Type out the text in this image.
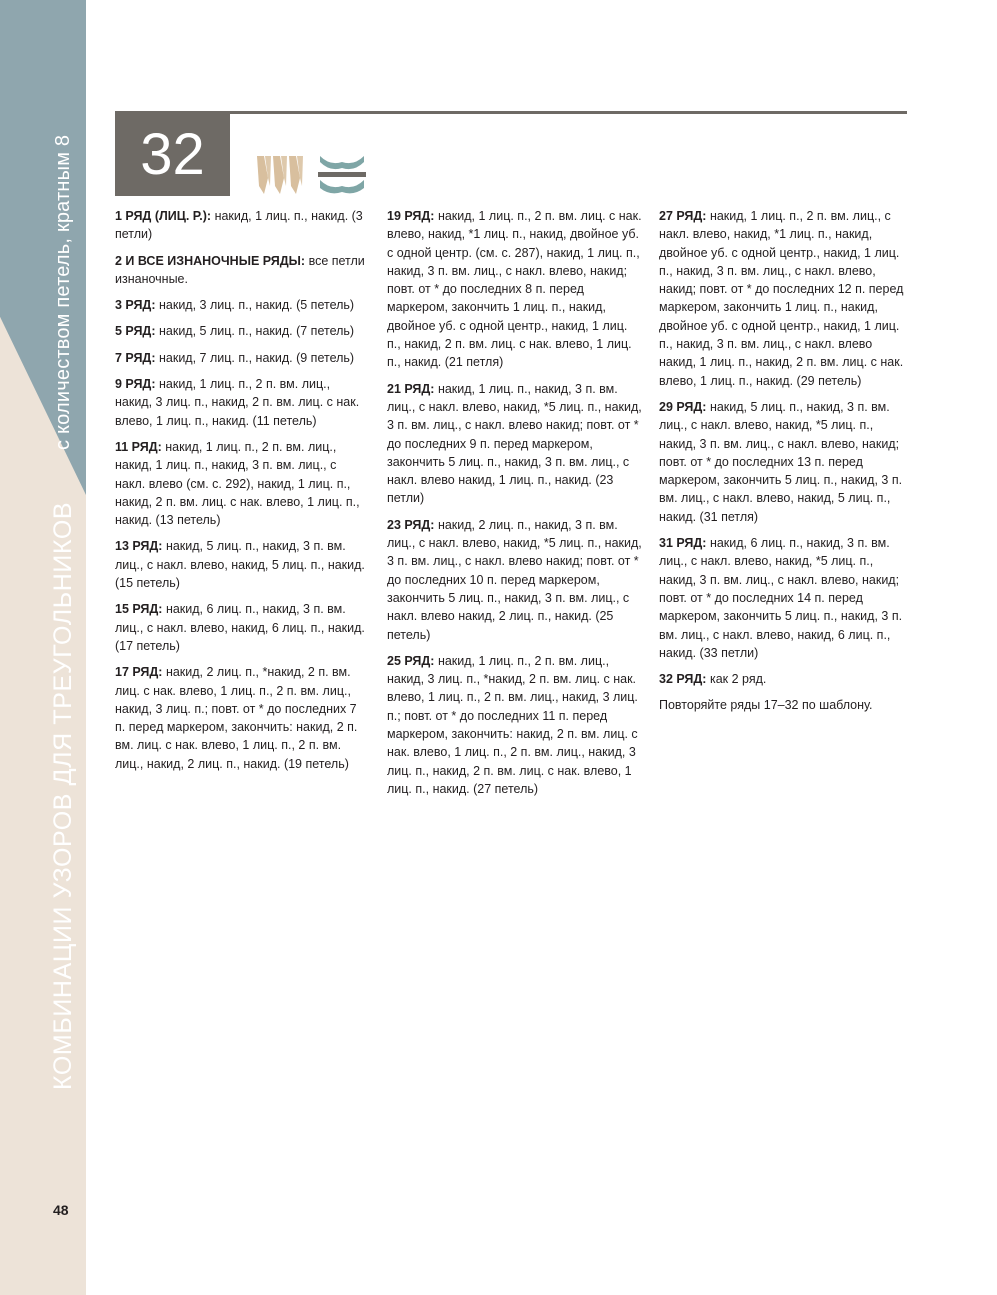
КОМБИНАЦИИ УЗОРОВ ДЛЯ ТРЕУГОЛЬНИКОВ
с количеством петель, кратным 8
48
32

1 РЯД (ЛИЦ. Р.): накид, 1 лиц. п., накид. (3 петли)

2 И ВСЕ ИЗНАНОЧНЫЕ РЯДЫ: все петли изнаночные.

3 РЯД: накид, 3 лиц. п., накид. (5 петель)

5 РЯД: накид, 5 лиц. п., накид. (7 петель)

7 РЯД: накид, 7 лиц. п., накид. (9 петель)

9 РЯД: накид, 1 лиц. п., 2 п. вм. лиц., накид, 3 лиц. п., накид, 2 п. вм. лиц. с нак. влево, 1 лиц. п., накид. (11 петель)

11 РЯД: накид, 1 лиц. п., 2 п. вм. лиц., накид, 1 лиц. п., накид, 3 п. вм. лиц., с накл. влево (см. с. 292), накид, 1 лиц. п., накид, 2 п. вм. лиц. с нак. влево, 1 лиц. п., накид. (13 петель)

13 РЯД: накид, 5 лиц. п., накид, 3 п. вм. лиц., с накл. влево, накид, 5 лиц. п., накид. (15 петель)

15 РЯД: накид, 6 лиц. п., накид, 3 п. вм. лиц., с накл. влево, накид, 6 лиц. п., накид. (17 петель)

17 РЯД: накид, 2 лиц. п., *накид, 2 п. вм. лиц. с нак. влево, 1 лиц. п., 2 п. вм. лиц., накид, 3 лиц. п.; повт. от * до последних 7 п. перед маркером, закончить: накид, 2 п. вм. лиц. с нак. влево, 1 лиц. п., 2 п. вм. лиц., накид, 2 лиц. п., накид. (19 петель)

19 РЯД: накид, 1 лиц. п., 2 п. вм. лиц. с нак. влево, накид, *1 лиц. п., накид, двойное уб. с одной центр. (см. с. 287), накид, 1 лиц. п., накид, 3 п. вм. лиц., с накл. влево, накид; повт. от * до последних 8 п. перед маркером, закончить 1 лиц. п., накид, двойное уб. с одной центр., накид, 1 лиц. п., накид, 2 п. вм. лиц. с нак. влево, 1 лиц. п., накид. (21 петля)

21 РЯД: накид, 1 лиц. п., накид, 3 п. вм. лиц., с накл. влево, накид, *5 лиц. п., накид, 3 п. вм. лиц., с накл. влево накид; повт. от * до последних 9 п. перед маркером, закончить 5 лиц. п., накид, 3 п. вм. лиц., с накл. влево накид, 1 лиц. п., накид. (23 петли)

23 РЯД: накид, 2 лиц. п., накид, 3 п. вм. лиц., с накл. влево, накид, *5 лиц. п., накид, 3 п. вм. лиц., с накл. влево накид; повт. от * до последних 10 п. перед маркером, закончить 5 лиц. п., накид, 3 п. вм. лиц., с накл. влево накид, 2 лиц. п., накид. (25 петель)

25 РЯД: накид, 1 лиц. п., 2 п. вм. лиц., накид, 3 лиц. п., *накид, 2 п. вм. лиц. с нак. влево, 1 лиц. п., 2 п. вм. лиц., накид, 3 лиц. п.; повт. от * до последних 11 п. перед маркером, закончить: накид, 2 п. вм. лиц. с нак. влево, 1 лиц. п., 2 п. вм. лиц., накид, 3 лиц. п., накид, 2 п. вм. лиц. с нак. влево, 1 лиц. п., накид. (27 петель)

27 РЯД: накид, 1 лиц. п., 2 п. вм. лиц., с накл. влево, накид, *1 лиц. п., накид, двойное уб. с одной центр., накид, 1 лиц. п., накид, 3 п. вм. лиц., с накл. влево, накид; повт. от * до последних 12 п. перед маркером, закончить 1 лиц. п., накид, двойное уб. с одной центр., накид, 1 лиц. п., накид, 3 п. вм. лиц., с накл. влево накид, 1 лиц. п., накид, 2 п. вм. лиц. с нак. влево, 1 лиц. п., накид. (29 петель)

29 РЯД: накид, 5 лиц. п., накид, 3 п. вм. лиц., с накл. влево, накид, *5 лиц. п., накид, 3 п. вм. лиц., с накл. влево, накид; повт. от * до последних 13 п. перед маркером, закончить 5 лиц. п., накид, 3 п. вм. лиц., с накл. влево, накид, 5 лиц. п., накид. (31 петля)

31 РЯД: накид, 6 лиц. п., накид, 3 п. вм. лиц., с накл. влево, накид, *5 лиц. п., накид, 3 п. вм. лиц., с накл. влево, накид; повт. от * до последних 14 п. перед маркером, закончить 5 лиц. п., накид, 3 п. вм. лиц., с накл. влево, накид, 6 лиц. п., накид. (33 петли)

32 РЯД: как 2 ряд.

Повторяйте ряды 17–32 по шаблону.
